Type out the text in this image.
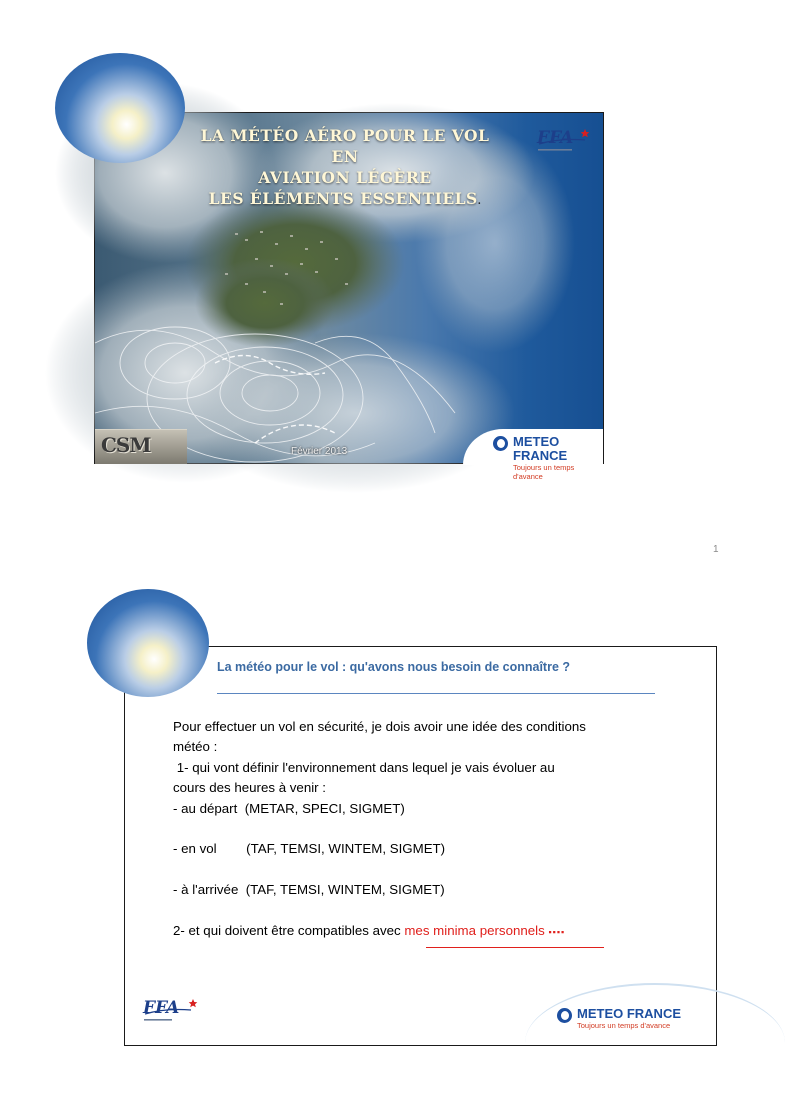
LA MÉTÉO AÉRO POUR LE VOL EN
AVIATION LÉGÈRE
LES ÉLÉMENTS ESSENTIELS.
FFA
CSM	Février 2013
METEO FRANCE
Toujours un temps d'avance
1
La météo pour le vol : qu'avons nous besoin de connaître ?
Pour effectuer un vol en sécurité, je dois avoir une idée des conditions
météo :
1- qui vont définir l'environnement dans lequel je vais évoluer au
cours des heures à venir :
- au départ  (METAR, SPECI, SIGMET)
- en vol        (TAF, TEMSI, WINTEM, SIGMET)
- à l'arrivée  (TAF, TEMSI, WINTEM, SIGMET)
2- et qui doivent être compatibles avec mes minima personnels ▪▪▪▪
FFA	METEO FRANCE
Toujours un temps d'avance
